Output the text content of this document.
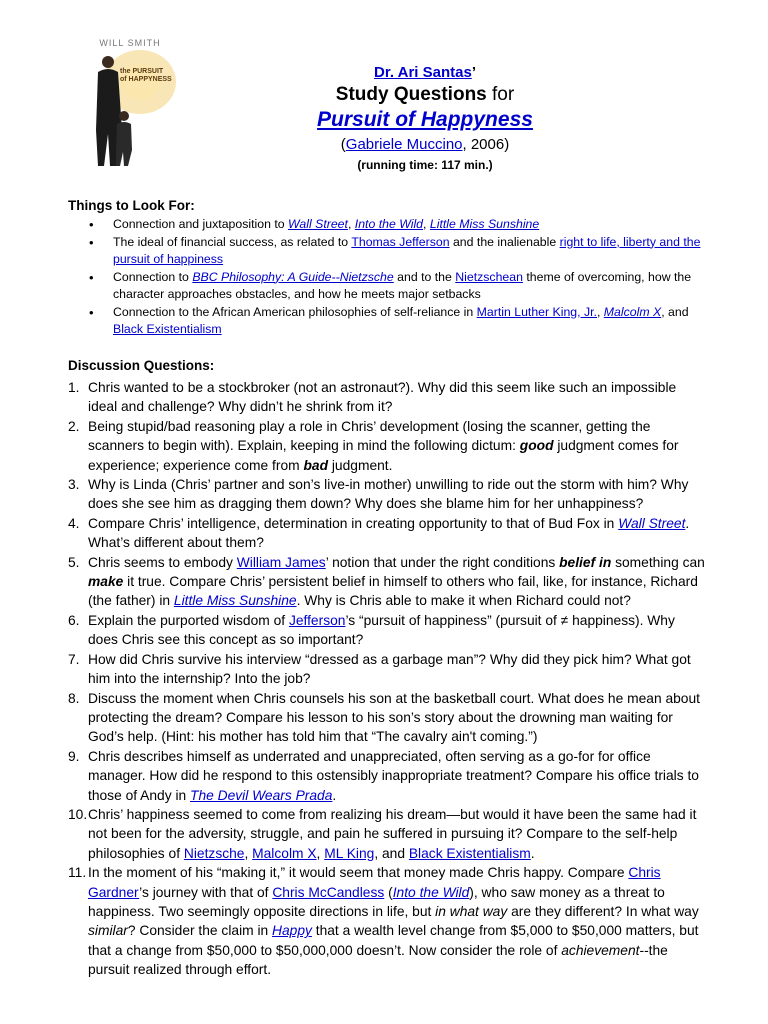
WILL SMITH
the PURSUIT
of HAPPYNESS	Dr. Ari Santas’
Study Questions for
Pursuit of Happyness
(Gabriele Muccino, 2006)
(running time: 117 min.)
Things to Look For:
• Connection and juxtaposition to Wall Street, Into the Wild, Little Miss Sunshine
• The ideal of financial success, as related to Thomas Jefferson and the inalienable right to life, liberty and the pursuit of happiness
• Connection to BBC Philosophy: A Guide--Nietzsche and to the Nietzschean theme of overcoming, how the character approaches obstacles, and how he meets major setbacks
• Connection to the African American philosophies of self-reliance in Martin Luther King, Jr., Malcolm X, and Black Existentialism
Discussion Questions:
1. Chris wanted to be a stockbroker (not an astronaut?). Why did this seem like such an impossible ideal and challenge? Why didn’t he shrink from it?
2. Being stupid/bad reasoning play a role in Chris’ development (losing the scanner, getting the scanners to begin with). Explain, keeping in mind the following dictum: good judgment comes for experience; experience come from bad judgment.
3. Why is Linda (Chris’ partner and son’s live-in mother) unwilling to ride out the storm with him? Why does she see him as dragging them down? Why does she blame him for her unhappiness?
4. Compare Chris’ intelligence, determination in creating opportunity to that of Bud Fox in Wall Street. What’s different about them?
5. Chris seems to embody William James’ notion that under the right conditions belief in something can make it true. Compare Chris’ persistent belief in himself to others who fail, like, for instance, Richard (the father) in Little Miss Sunshine. Why is Chris able to make it when Richard could not?
6. Explain the purported wisdom of Jefferson’s “pursuit of happiness” (pursuit of ≠ happiness). Why does Chris see this concept as so important?
7. How did Chris survive his interview “dressed as a garbage man”? Why did they pick him? What got him into the internship? Into the job?
8. Discuss the moment when Chris counsels his son at the basketball court. What does he mean about protecting the dream? Compare his lesson to his son’s story about the drowning man waiting for God’s help. (Hint: his mother has told him that “The cavalry ain't coming.”)
9. Chris describes himself as underrated and unappreciated, often serving as a go-for for office manager. How did he respond to this ostensibly inappropriate treatment? Compare his office trials to those of Andy in The Devil Wears Prada.
10. Chris’ happiness seemed to come from realizing his dream—but would it have been the same had it not been for the adversity, struggle, and pain he suffered in pursuing it? Compare to the self-help philosophies of Nietzsche, Malcolm X, ML King, and Black Existentialism.
11. In the moment of his “making it,” it would seem that money made Chris happy. Compare Chris Gardner’s journey with that of Chris McCandless (Into the Wild), who saw money as a threat to happiness. Two seemingly opposite directions in life, but in what way are they different? In what way similar? Consider the claim in Happy that a wealth level change from $5,000 to $50,000 matters, but that a change from $50,000 to $50,000,000 doesn’t. Now consider the role of achievement--the pursuit realized through effort.
